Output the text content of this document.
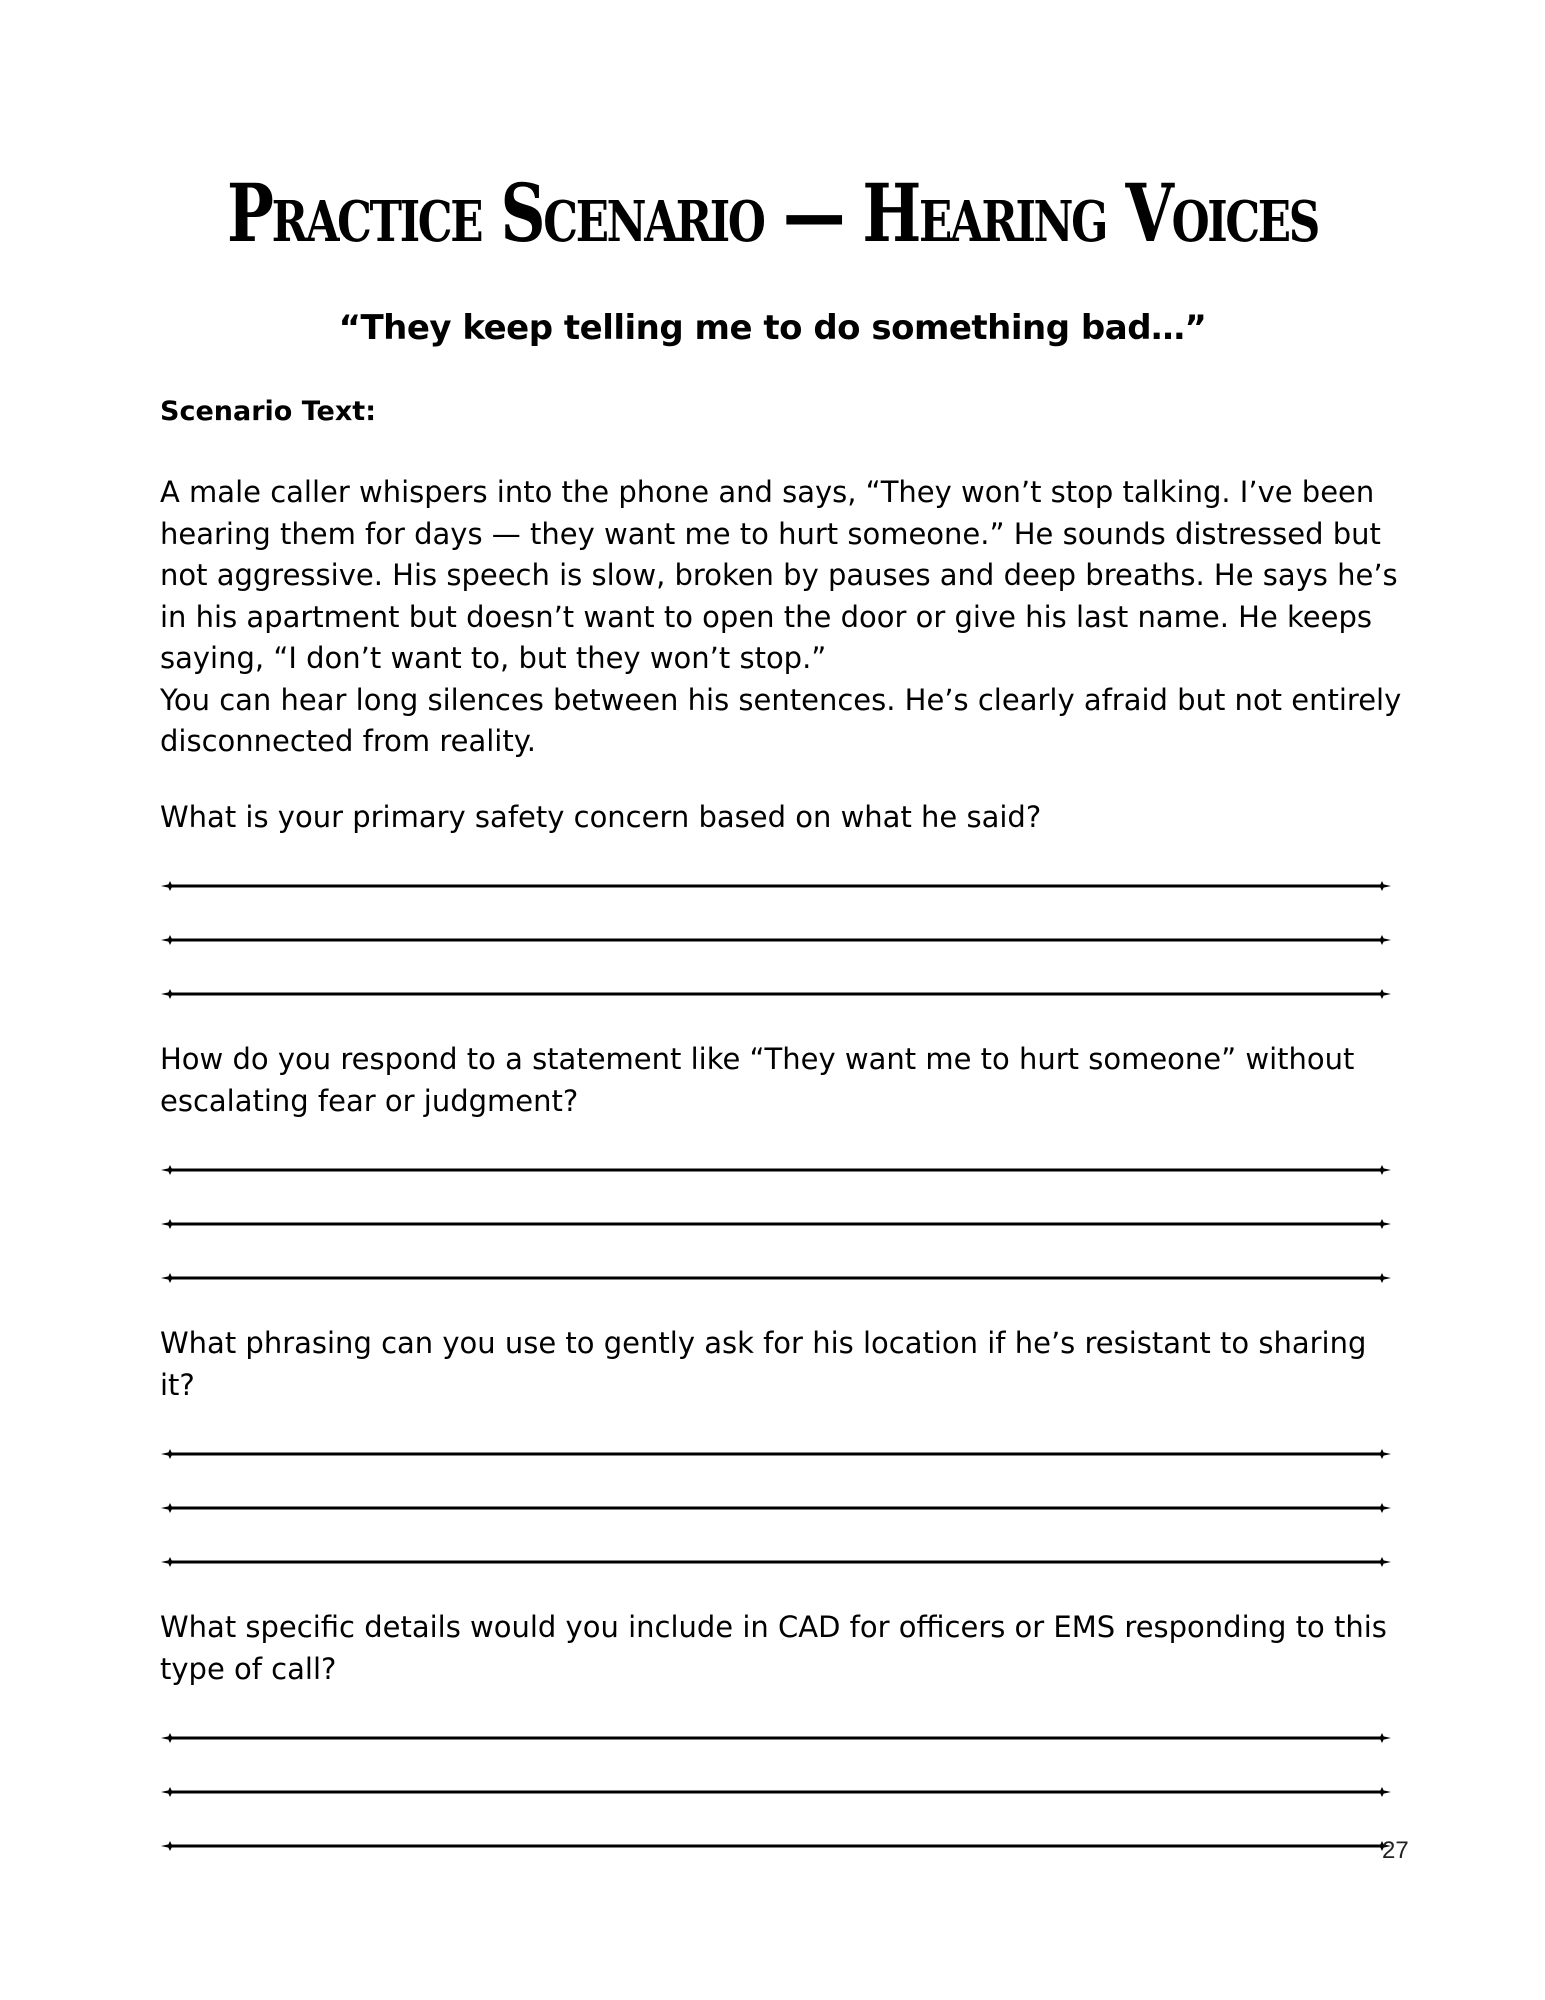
Practice Scenario — Hearing Voices
“They keep telling me to do something bad…”
Scenario Text:

A male caller whispers into the phone and says, “They won’t stop talking. I’ve been hearing them for days — they want me to hurt someone.” He sounds distressed but not aggressive. His speech is slow, broken by pauses and deep breaths. He says he’s in his apartment but doesn’t want to open the door or give his last name. He keeps saying, “I don’t want to, but they won’t stop.”

You can hear long silences between his sentences. He’s clearly afraid but not entirely disconnected from reality.

What is your primary safety concern based on what he said?
How do you respond to a statement like “They want me to hurt someone” without escalating fear or judgment?
What phrasing can you use to gently ask for his location if he’s resistant to sharing it?
What specific details would you include in CAD for officers or EMS responding to this type of call?
27
